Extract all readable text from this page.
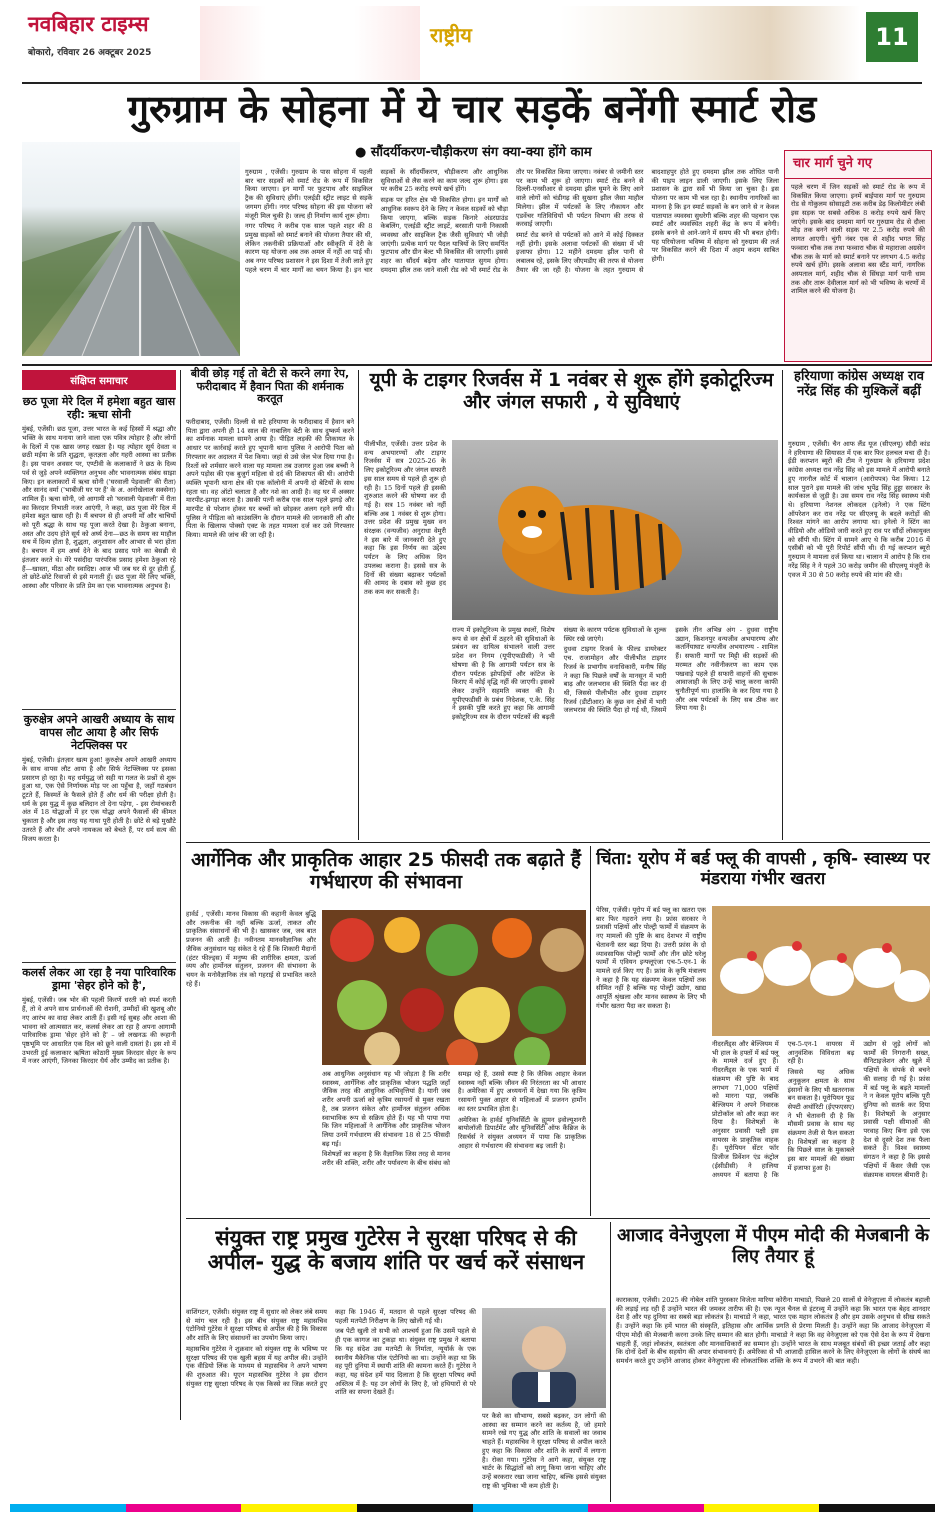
नवबिहार टाइम्स
बोकारो, रविवार 26 अक्टूबर 2025
राष्ट्रीय	11
गुरुग्राम के सोहना में ये चार सड़कें बनेंगी स्मार्ट रोड
● सौंदर्यीकरण-चौड़ीकरण संग क्या-क्या होंगे काम

गुरुग्राम , एजेंसी। गुरुग्राम के पास सोहना में पहली बार चार सड़कों को स्मार्ट रोड के रूप में विकसित किया जाएगा। इन मार्गों पर फुटपाथ और साइकिल ट्रैक की सुविधाएं होंगी। एलईडी स्ट्रीट लाइट से सड़कें जगमग होंगी। नगर परिषद सोहना की इस योजना को मंजूरी मिल चुकी है। जल्द ही निर्माण कार्य शुरू होगा।

नगर परिषद ने करीब एक साल पहले शहर की 8 प्रमुख सड़कों को स्मार्ट बनाने की योजना तैयार की थी, लेकिन तकनीकी प्रक्रियाओं और स्वीकृति में देरी के कारण यह योजना अब तक अमल में नहीं आ पाई थी। अब नगर परिषद प्रशासन ने इस दिशा में तेजी लाते हुए पहले चरण में चार मार्गों का चयन किया है। इन चार सड़कों के सौंदर्यीकरण, चौड़ीकरण और आधुनिक सुविधाओं से लैस करने का काम जल्द शुरू होगा। इस पर करीब 25 करोड़ रुपये खर्च होंगे।

सड़क पर हरित क्षेत्र भी विकसित होगा। इन मार्गों को आधुनिक स्वरूप देने के लिए न केवल सड़कों को चौड़ा किया जाएगा, बल्कि सड़क किनारे अंडरग्राउंड केबलिंग, एलईडी स्ट्रीट लाइटें, बरसाती पानी निकासी व्यवस्था और साइकिल ट्रैक जैसी सुविधाएं भी जोड़ी जाएंगी। प्रत्येक मार्ग पर पैदल यात्रियों के लिए समर्पित फुटपाथ और ग्रीन बेल्ट भी विकसित की जाएगी। इससे शहर का सौंदर्य बढ़ेगा और यातायात सुगम होगा। दमदमा झील तक जाने वाली रोड को भी स्मार्ट रोड के तौर पर विकसित किया जाएगा। नवंबर से जमीनी स्तर पर काम भी शुरू हो जाएगा। स्मार्ट रोड बनने से दिल्ली-एनसीआर से दमदमा झील घूमने के लिए आने वाले लोगों को चंडीगढ़ की सुखना झील जैसा माहौल मिलेगा। झील में पर्यटकों के लिए नौकायन और एडवेंचर गतिविधियों भी पर्यटन विभाग की तरफ से करवाई जाएगी।

स्मार्ट रोड बनने से पर्यटकों को आने में कोई दिक्कत नहीं होगी। इसके अलावा पर्यटकों की संख्या में भी इजाफा होगा। 12 महीने दमदमा झील पानी से लबालब रहे, इसके लिए जीएमडीए की तरफ से योजना तैयार की जा रही है। योजना के तहत गुरुग्राम से बादशाहपुर होते हुए दमदमा झील तक शोधित पानी की पाइप लाइन डाली जाएगी। इसके लिए जिला प्रशासन के द्वारा सर्वे भी किया जा चुका है। इस योजना पर काम भी चल रहा है। स्थानीय नागरिकों का मानना है कि इन स्मार्ट सड़कों के बन जाने से न केवल यातायात व्यवस्था सुधरेगी बल्कि शहर की पहचान एक स्मार्ट और व्यवस्थित शहरी केंद्र के रूप में बनेगी। इसके बनने से आने-जाने में समय की भी बचत होगी। यह परियोजना भविष्य में सोहना को गुरुग्राम की तर्ज पर विकसित करने की दिशा में अहम कदम साबित होगी।

चार मार्ग चुने गए
पहले चरण में जिन सड़कों को स्मार्ट रोड के रूप में विकसित किया जाएगा। इनमें बाईपास मार्ग पर गुरुग्राम रोड से गोकुलम सोसाइटी तक करीब डेढ़ किलोमीटर लंबी इस सड़क पर सबसे अधिक 8 करोड़ रुपये खर्च किए जाएंगे। इसके बाद दमदमा मार्ग पर गुरुग्राम रोड से दौला मोड़ तक बनने वाली सड़क पर 2.5 करोड़ रुपये की लागत आएगी। चुंगी नंबर एक से शहीद भगत सिंह फव्वारा चौक तक तथा फव्वारा चौक से महाराजा अग्रसेन चौक तक के मार्ग को स्मार्ट बनाने पर लगभग 4.5 करोड़ रुपये खर्च होंगे। इसके अलावा बस स्टैंड मार्ग, नागरिक अस्पताल मार्ग, शहीद चौक से सिंघड़ा मार्ग पानी धाम तक और तारू देवीलाल मार्ग को भी भविष्य के चरणों में शामिल करने की योजना है।
संक्षिप्त समाचार
छठ पूजा मेरे दिल में हमेशा बहुत खास रही: ऋचा सोनी
मुंबई, एजेंसी। छठ पूजा, उत्तर भारत के कई हिस्सों में श्रद्धा और भक्ति के साथ मनाया जाने वाला एक पवित्र त्योहार है और लोगों के दिलों में एक खास जगह रखता है। यह त्योहार सूर्य देवता व छठी मईया के प्रति शुद्धता, कृतज्ञता और गहरी आस्था का प्रतीक है। इस पावन अवसर पर, एण्टीवी के कलाकारों ने छठ के दिव्य पर्व से जुड़े अपने व्यक्तिगत अनुभव और भावनात्मक संबंध साझा किए। इन कलाकारों में ऋचा सोनी ('घरवाली पेड़वाली' की रीता) और सानंद वर्मा ('भाबीजी घर पर हैं' के अ. अनोखेलाल सक्सेना) शामिल हैं। ऋचा सोनी, जो आगामी शो 'घरवाली पेड़वाली' में रीता का किरदार निभाती नजर आएंगी, ने कहा, छठ पूजा मेरे दिल में हमेशा बहुत खास रही है। मैं बचपन से ही अपनी माँ और चाचियों को पूरी श्रद्धा के साथ यह पूजा करते देखा है। ठेकुआ बनाना, अस्त और उदय होते सूर्य को अर्घ्य देना—छठ के समय का माहौल सच में दिव्य होता है, शुद्धता, अनुशासन और आभार से भरा होता है। बचपन में हम अर्घ्य देने के बाद प्रसाद पाने का बेसब्री से इंतजार करते थे। मेरे पसंदीदा पारंपरिक प्रसाद हमेशा ठेकुआ रहे हैं—खास्ता, मीठा और स्वादिष्ट। आज भी जब घर से दूर होती हूँ, तो छोटे-छोटे रिवाजों से इसे मनाती हूँ। छठ पूजा मेरे लिए भक्ति, आस्था और परिवार के प्रति प्रेम का एक भावनात्मक अनुभव है।
कुरुक्षेत्र अपने आखरी अध्याय के साथ वापस लौट आया है और सिर्फ नेटफ्लिक्स पर
मुंबई, एजेंसी। इंतज़ार खत्म हुआ! कुरुक्षेत्र अपने आखरी अध्याय के साथ वापस लौट आया है और सिर्फ नेटफ्लिक्स पर इसका प्रसारण हो रहा है। यह धर्मयुद्ध जो सही या गलत के प्रश्नों से शुरू हुआ था, एक ऐसे निर्णायक मोड़ पर आ पहुँचा है, जहाँ गठबंधन टूटते हैं, किस्मतें के फैसले होते हैं और धर्म की परीक्षा होती है। धर्म के इस युद्ध में कुछ बलिदान तो देना पड़ेगा, - इस रोमांचकारी अंत में 18 योद्धाओं में हर एक योद्धा अपने फैसलों की कीमत चुकाता है और इस तरह यह गाथा पूरी होती है। छोटे से बड़े मुखौटे उतरते हैं और वीर अपने नायकत्व को बेचते हैं, पर धर्म सत्य की विजय करता है।
कलर्स लेकर आ रहा है नया पारिवारिक ड्रामा 'सेहर होने को है',
मुंबई, एजेंसी। जब भोर की पहली किरणें धरती को स्पर्श करती हैं, तो वे अपने साथ प्रार्थनाओं की रोशनी, उम्मीदों की खुशबू और नए आरंभ का वादा लेकर आती हैं। इसी नई सुबह और आशा की भावना को आत्मसात कर, कलर्स लेकर आ रहा है अपना आगामी पारिवारिक ड्रामा 'सेहर होने को है' – जो लखनऊ की रूहानी पृष्ठभूमि पर आधारित एक दिल को छूने वाली दास्तां है। इस शो में उभरती हुई कलाकार ऋषिता कोठारी मुख्य किरदार सेहर के रूप में नजर आएंगी, जिनका किरदार धैर्य और उम्मीद का प्रतीक है।
बीवी छोड़ गई तो बेटी से करने लगा रेप, फरीदाबाद में हैवान पिता की शर्मनाक करतूत
फरीदाबाद, एजेंसी। दिल्ली से सटे हरियाणा के फरीदाबाद में हैवान बने पिता द्वारा अपनी ही 14 साल की नाबालिग बेटी के साथ दुष्कर्म करने का शर्मनाक मामला सामने आया है। पीड़ित लड़की की शिकायत के आधार पर कार्रवाई करते हुए भूपानी थाना पुलिस ने आरोपी पिता को गिरफ्तार कर अदालत में पेश किया। जहां से उसे जेल भेज दिया गया है। रिश्तों को शर्मसार करने वाला यह मामला तब उजागर हुआ जब बच्ची ने अपने पड़ोस की एक बुजुर्ग महिला से दर्द की शिकायत की थी। आरोपी व्यक्ति भूपानी थाना क्षेत्र की एक कॉलोनी में अपनी दो बेटियों के साथ रहता था। वह ऑटो चलाता है और नशे का आदी है। वह घर में अक्सर मारपीट-झगड़ा करता है। उसकी पत्नी करीब एक साल पहले झगड़े और मारपीट से परेशान होकर घर बच्चों को छोड़कर अलग रहने लगी थी। पुलिस ने पीड़िता को काउंसलिंग के दौरान मामले की जानकारी ली और पिता के खिलाफ पोक्सो एक्ट के तहत मामला दर्ज कर उसे गिरफ्तार किया। मामले की जांच की जा रही है।
यूपी के टाइगर रिजर्वस में 1 नवंबर से शुरू होंगे इकोटूरिज्म और जंगल सफारी , ये सुविधाएं
पीलीभीत, एजेंसी। उत्तर प्रदेश के वन्य अभयारण्यों और टाइगर रिजर्वस में सत्र 2025-26 के लिए इकोटूरिज्म और जंगल सफारी इस साल समय से पहले ही शुरू हो रही है। 15 दिनों पहले ही इसकी शुरुआत करने की घोषणा कर दी गई है। सत्र 15 नवंबर को नहीं बल्कि अब 1 नवंबर से शुरू होगा। उत्तर प्रदेश की प्रमुख मुख्य वन संरक्षक (वन्यजीव) अनुराधा वेमुरी ने इस बारे में जानकारी देते हुए कहा कि इस निर्णय का उद्देश्य पर्यटन के लिए अधिक दिन उपलब्ध कराना है। इससे सत्र के दिनों की संख्या बढ़ाकर पर्यटकों की आमद के दबाव को कुछ हद तक कम कर सकती है।

राज्य में इकोटूरिज्म के प्रमुख स्थलों, विशेष रूप से वन क्षेत्रों में ठहरने की सुविधाओं के प्रबंधन का दायित्व संभालने वाली उत्तर प्रदेश वन निगम (यूपीएफडीसी) ने भी घोषणा की है कि आगामी पर्यटन सत्र के दौरान पर्यटक झोपड़ियों और कॉटेज के किराए में कोई वृद्धि नहीं की जाएगी। इसको लेकर उन्होंने सहमति व्यक्त की है। यूपीएफडीसी के प्रबंध निदेशक, ए.के. सिंह ने इसकी पुष्टि करते हुए कहा कि आगामी इकोटूरिज्म सत्र के दौरान पर्यटकों की बढ़ती संख्या के कारण पर्यटक सुविधाओं के शुल्क स्थिर रखे जाएंगे।

दुधवा टाइगर रिजर्व के फील्ड डायरेक्टर एच. राजामोहन और पीलीभीत टाइगर रिजर्व के प्रभागीय वनाधिकारी, मनीष सिंह ने कहा कि पिछले वर्षों के मानसून में भारी बाढ़ और जलभराव की स्थिति पैदा कर दी थी, जिससे पीलीभीत और दुधवा टाइगर रिजर्व (डीटीआर) के कुछ वन क्षेत्रों में भारी जलभराव की स्थिति पैदा हो गई थी, जिसमें इसके तीन अभिन्न अंग - दुधवा राष्ट्रीय उद्यान, किशनपुर वन्यजीव अभयारण्य और कतर्नियाघाट वन्यजीव अभयारण्य - शामिल हैं। सफारी मार्गों पर मिट्टी की सड़कों की मरम्मत और नवीनीकरण का काम एक पखवाड़े पहले ही सफारी वाहनों की सुचारू आवाजाही के लिए उन्हें चालू करना काफी चुनौतीपूर्ण था। हालांकि के कर दिया गया है और अब पर्यटकों के लिए सब ठीक कर लिया गया है।

हरियाणा कांग्रेस अध्यक्ष राव नरेंद्र सिंह की मुश्किलें बढ़ीं
गुरुग्राम , एजेंसी। चैन आफ लैंड यूज (सीएलयू) सौदी कांड ने हरियाणा की सियासत में एक बार फिर हलचल मचा दी है। ईडी करप्शन ब्यूरो की टीम ने गुरुग्राम के हरियाणा प्रदेश कांग्रेस अध्यक्ष राव नरेंद्र सिंह को इस मामले में आरोपी बनाते हुए नारनौल कोर्ट में चालान (आरोपपत्र) पेश किया। 12 साल पुराने इस मामले की जांच भूपेंद्र सिंह हुड्डा सरकार के कार्यकाल से जुड़ी है। उस समय राव नरेंद्र सिंह स्वास्थ्य मंत्री थे। हरियाणा नेशनल लोकदल (इनेलो) ने एक स्टिंग ऑपरेशन कर राव नरेंद्र पर सीएलयू के बदले करोड़ों की रिश्वत मांगने का आरोप लगाया था। इनेलो ने स्टिंग का वीडियो और ऑडियो जारी करते हुए राव पर सौंदों लोकायुक्त को सौंपी थी। स्टिंग में सामने आए थे कि करीब 2016 में एसीबी को भी पूरी रिपोर्ट सौंपी थी। दी गई करप्शन ब्यूरो गुरुग्राम ने मामला दर्ज किया था। चालान में आरोप है कि राव नरेंद्र सिंह ने ने पहले 30 करोड़ जमीन की सीएलयू मंजूरी के एवज में 30 से 50 करोड़ रुपये की मांग की थी।
आर्गेनिक और प्राकृतिक आहार 25 फीसदी तक बढ़ाते हैं गर्भधारण की संभावना
हार्वर्ड , एजेंसी। मानव विकास की कहानी केवल बुद्धि और तकनीक की नहीं बल्कि ऊर्जा, ताकत और प्राकृतिक संसाधनों की भी है। खासकर जब, जब बात प्रजनन की आती है। नवीनतम मानववैज्ञानिक और जैविक अनुसंधान यह संकेत दे रहे हैं कि शिकारी मैदानों (हंटर फील्ड्स) में मनुष्य की शारीरिक क्षमता, ऊर्जा व्यय और हार्मोनल संतुलन, प्रजनन की संभावना के चयन के मनोवैज्ञानिक तंत्र को गहराई से प्रभावित करते रहे हैं।

अब आधुनिक अनुसंधान यह भी जोड़ता है कि शरीर स्वास्थ्य, आर्गेनिक और प्राकृतिक भोजन पद्धति जहाँ जैविक तरह की आधुनिक अभिवृत्तियां है। यानी जब शरीर अपनी ऊर्जा को कृत्रिम रसायनों से मुक्त रखता है, तब प्रजनन संकेत और हार्मोनल संतुलन अधिक स्वाभाविक रूप से सक्रिय होते हैं। यह भी पाया गया कि जिन महिलाओं ने आर्गेनिक और प्राकृतिक भोजन लिया उनमें गर्भधारण की संभावना 18 से 25 फीसदी बढ़ गई।

विशेषज्ञों का कहना है कि वैज्ञानिक जिस तरह से मानव शरीर की शक्ति, शरीर और पर्यावरण के बीच संबंध को समझ रहे हैं, उससे स्पष्ट है कि जैविक आहार केवल स्वास्थ्य नहीं बल्कि जीवन की निरंतरता का भी आधार है। अमेरिका में हुए अध्ययनों में देखा गया कि कृत्रिम रसायनों युक्त आहार से महिलाओं में प्रजनन हार्मोन का स्तर प्रभावित होता है।

अमेरिका के हार्वर्ड यूनिवर्सिटी के ह्यूमन इवोल्यूशनरी बायोलॉजी डिपार्टमेंट और यूनिवर्सिटी ऑफ कैंब्रिज के रिसर्चर्स ने संयुक्त अध्ययन में पाया कि प्राकृतिक आहार से गर्भधारण की संभावना बढ़ जाती है।

चिंता: यूरोप में बर्ड फ्लू की वापसी , कृषि- स्वास्थ्य पर मंडराया गंभीर खतरा
पेरिस, एजेंसी। यूरोप में बर्ड फ्लू का खतरा एक बार फिर गहराने लगा है। फ्रांस सरकार ने प्रवासी पक्षियों और पोल्ट्री फार्मों में संक्रमण के नए मामलों की पुष्टि के बाद देशभर में राष्ट्रीय चेतावनी स्तर बढ़ा दिया है। उत्तरी फ्रांस के दो व्यावसायिक पोल्ट्री फार्मों और तीन छोटे घरेलू फार्मों में एवियन इन्फ्लूएंजा एच-5-एन-1 के मामले दर्ज किए गए हैं। फ्रांस के कृषि मंत्रालय ने कहा है कि यह संक्रमण केवल पक्षियों तक सीमित नहीं है बल्कि यह पोल्ट्री उद्योग, खाद्य आपूर्ति श्रृंखला और मानव स्वास्थ्य के लिए भी गंभीर खतरा पैदा कर सकता है।

नीदरलैंड्स और बेल्जियम में भी हाल के हफ्तों में बर्ड फ्लू के मामले दर्ज हुए हैं। नीदरलैंड्स के एक फार्म में संक्रमण की पुष्टि के बाद लगभग 71,000 पक्षियों को मारना पड़ा, जबकि बेल्जियम ने अपने निवारक प्रोटोकॉल को और कड़ा कर दिया है। विशेषज्ञों के अनुसार प्रवासी पक्षी इस वायरस के प्राकृतिक वाहक हैं। यूरोपियन सेंटर फॉर डिजीज प्रिवेंशन एंड कंट्रोल (ईसीडीसी) ने हालिया अध्ययन में बताया है कि एच-5-एन-1 वायरस में आनुवंशिक विविधता बढ़ रही है।

जिससे यह अधिक अनुकूलन क्षमता के साथ इंसानों के लिए भी खतरनाक बन सकता है। यूरोपियन फूड सेफ्टी अथॉरिटी (ईएफएसए) ने भी चेतावनी दी है कि मौसमी प्रवास के साथ यह संक्रमण तेजी से फैल सकता है। विशेषज्ञों का कहना है कि पिछले साल के मुकाबले इस बार मामलों की संख्या में इजाफा हुआ है।

उद्योग से जुड़े लोगों को फार्मों की निगरानी सख्त, सैनिटाइजेशन और खुले में पक्षियों के संपर्क से बचने की सलाह दी गई है। फ्रांस में बर्ड फ्लू के बढ़ते मामलों ने न केवल यूरोप बल्कि पूरी दुनिया को सतर्क कर दिया है। विशेषज्ञों के अनुसार प्रवासी पक्षी सीमाओं की परवाह किए बिना इसे एक देश से दूसरे देश तक फैला सकते हैं। विश्व स्वास्थ्य संगठन ने कहा है कि इससे पक्षियों में कैंसर जैसी एक संक्रामक वायरल बीमारी है।

संयुक्त राष्ट्र प्रमुख गुटेरेस ने सुरक्षा परिषद से की अपील- युद्ध के बजाय शांति पर खर्च करें संसाधन

वाशिंगटन, एजेंसी। संयुक्त राष्ट्र में सुधार को लेकर लंबे समय से मांग चल रही है। इस बीच संयुक्त राष्ट्र महासचिव एंटोनियो गुटेरेस ने सुरक्षा परिषद से अपील की है कि विकास और शांति के लिए संसाधनों का उपयोग किया जाए।

महासचिव गुटेरेस ने शुक्रवार को संयुक्त राष्ट्र के भविष्य पर सुरक्षा परिषद की एक खुली बहस में यह अपील की। उन्होंने एक वीडियो लिंक के माध्यम से महासचिव ने अपने भाषण की शुरुआत की। यूएन महासचिव गुटेरेस ने इस दौरान संयुक्त राष्ट्र सुरक्षा परिषद के एक किस्से का जिक्र करते हुए कहा कि 1946 में, मतदान से पहले सुरक्षा परिषद की पहली मतपेटी निरीक्षण के लिए खोली गई थी।

जब पेटी खुली तो सभी को आश्चर्य हुआ कि उसमें पहले से ही एक कागज का टुकड़ा था। संयुक्त राष्ट्र प्रमुख ने बताया कि यह संदेश उस मतपेटी के निर्माता, न्यूयॉर्क के एक स्थानीय मैकेनिक पॉल एंटोनियो का था। उन्होंने कहा था कि वह पूरी दुनिया में स्थायी शांति की कामना करते हैं। गुटेरेस ने कहा, यह संदेश हमें याद दिलाता है कि सुरक्षा परिषद क्यों अस्तित्व में है: यह उन लोगों के लिए है, जो हथियारों से परे शांति का सपना देखते हैं।

पर कैसे का सौभाग्य, सबसे बढ़कर, उन लोगों की आस्था का सम्मान करने का कर्तव्य है, जो हमारे सामने रखे गए युद्ध और शांति के सवालों का जवाब चाहते हैं। महासचिव ने सुरक्षा परिषद से अपील करते हुए कहा कि विकास और शांति के कार्यों में लगाना है। रोका गया। गुटेरेस ने आगे कहा, संयुक्त राष्ट्र चार्टर के सिद्धांतों को लागू किया जाना चाहिए और उन्हें बरकरार रखा जाना चाहिए, बल्कि इससे संयुक्त राष्ट्र की भूमिका भी कम होती है।
आजाद वेनेजुएला में पीएम मोदी की मेजबानी के लिए तैयार हूं
काराकास, एजेंसी। 2025 की नोबेल शांति पुरस्कार विजेता मारिया कोरीना माचाडो, पिछले 20 सालों से वेनेजुएला में लोकतंत्र बहाली की लड़ाई लड़ रही हैं उन्होंने भारत की जमकर तारीफ की है। एक न्यूज चैनल से इंटरव्यू में उन्होंने कहा कि भारत एक बेहद शानदार देश है और यह दुनिया का सबसे बड़ा लोकतंत्र है। माचाडो ने कहा, भारत एक महान लोकतंत्र है और हम उसके अनुभव से सीख सकते हैं। उन्होंने कहा कि हमें भारत की संस्कृति, इतिहास और आर्थिक प्रगति से प्रेरणा मिलती है। उन्होंने कहा कि आजाद वेनेजुएला में पीएम मोदी की मेजबानी करना उनके लिए सम्मान की बात होगी। माचाडो ने कहा कि वह वेनेजुएला को एक ऐसे देश के रूप में देखना चाहती हैं, जहां लोकतंत्र, स्वतंत्रता और मानवाधिकारों का सम्मान हो। उन्होंने भारत के साथ मजबूत संबंधों की इच्छा जताई और कहा कि दोनों देशों के बीच सहयोग की अपार संभावनाएं हैं। अमेरिका से भी आजादी हासिल करने के लिए वेनेजुएला के लोगों के संघर्ष का समर्थन करते हुए उन्होंने आजाद होकर वेनेजुएला की लोकतांत्रिक शक्ति के रूप में उभरने की बात कही।
